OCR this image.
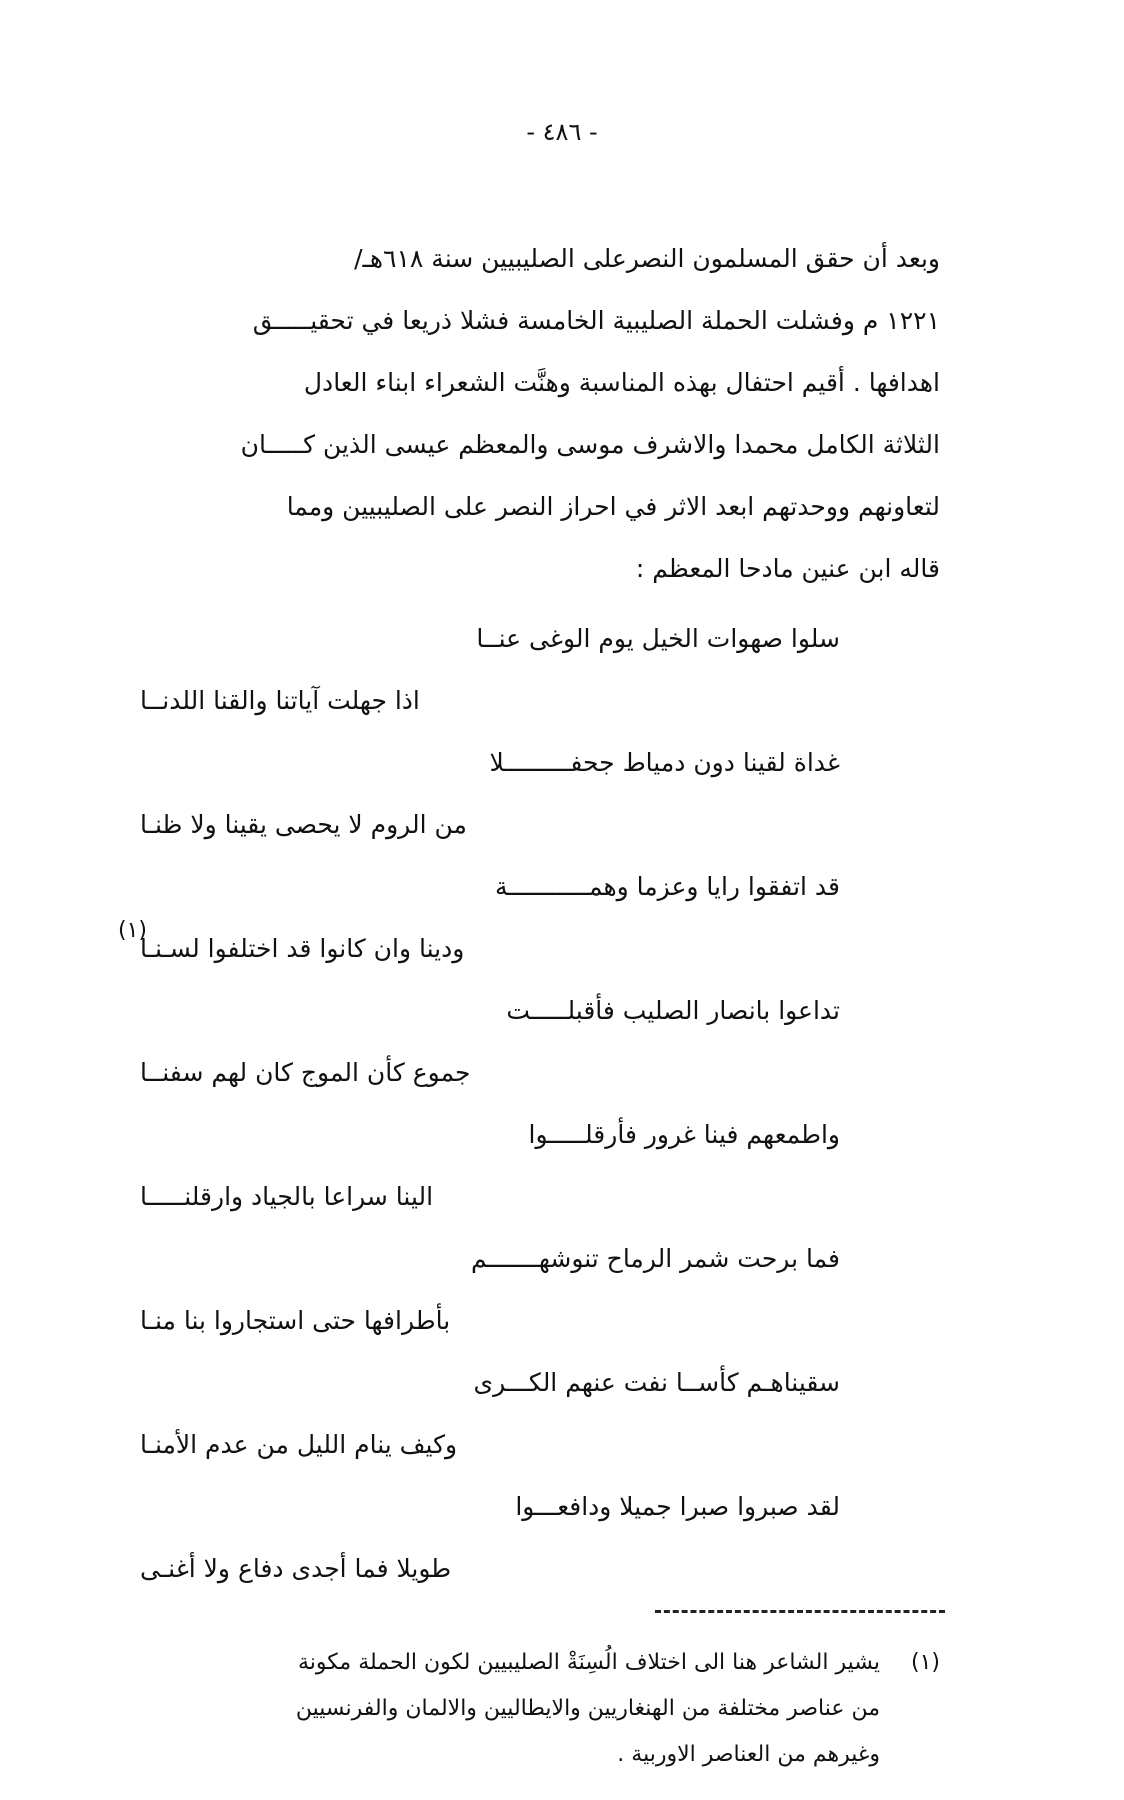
- ٤٨٦ -
وبعد أن حقق المسلمون النصرعلى الصليبيين سنة ٦١٨هـ/
١٢٢١ م وفشلت الحملة الصليبية الخامسة فشلا ذريعا في تحقيـــــق
اهدافها . أقيم احتفال بهذه المناسبة وهنَّت الشعراء ابناء العادل
الثلاثة الكامل محمدا والاشرف موسى والمعظم عيسى الذين كـــــان
لتعاونهم ووحدتهم ابعد الاثر في احراز النصر على الصليبيين ومما
قاله ابن عنين مادحا المعظم :
سلوا صهوات الخيل يوم الوغى عنــا
اذا جهلت آياتنا والقنا اللدنــا
غداة لقينا دون دمياط جحفـــــــــلا
من الروم لا يحصى يقينا ولا ظنـا
قد اتفقوا رايا وعزما وهمـــــــــــة
ودينا وان كانوا قد اختلفوا لسـنـا
تداعوا بانصار الصليب فأقبلـــــت
جموع كأن الموج كان لهم سفنــا
واطمعهم فينا غرور فأرقلـــــوا
الينا سراعا بالجياد وارقلنـــــا
فما برحت شمر الرماح تنوشهـــــــم
بأطرافها حتى استجاروا بنا منـا
سقيناهـم كأســا نفت عنهم الكـــرى
وكيف ينام الليل من عدم الأمنـا
لقد صبروا صبرا جميلا ودافعـــوا
طويلا فما أجدى دفاع ولا أغنـى
(١)
(١)
يشير الشاعر هنا الى اختلاف الُسِنَةْ الصليبيين لكون الحملة مكونة
من عناصر مختلفة من الهنغاريين والايطاليين والالمان والفرنسيين
وغيرهم من العناصر الاوربية .
